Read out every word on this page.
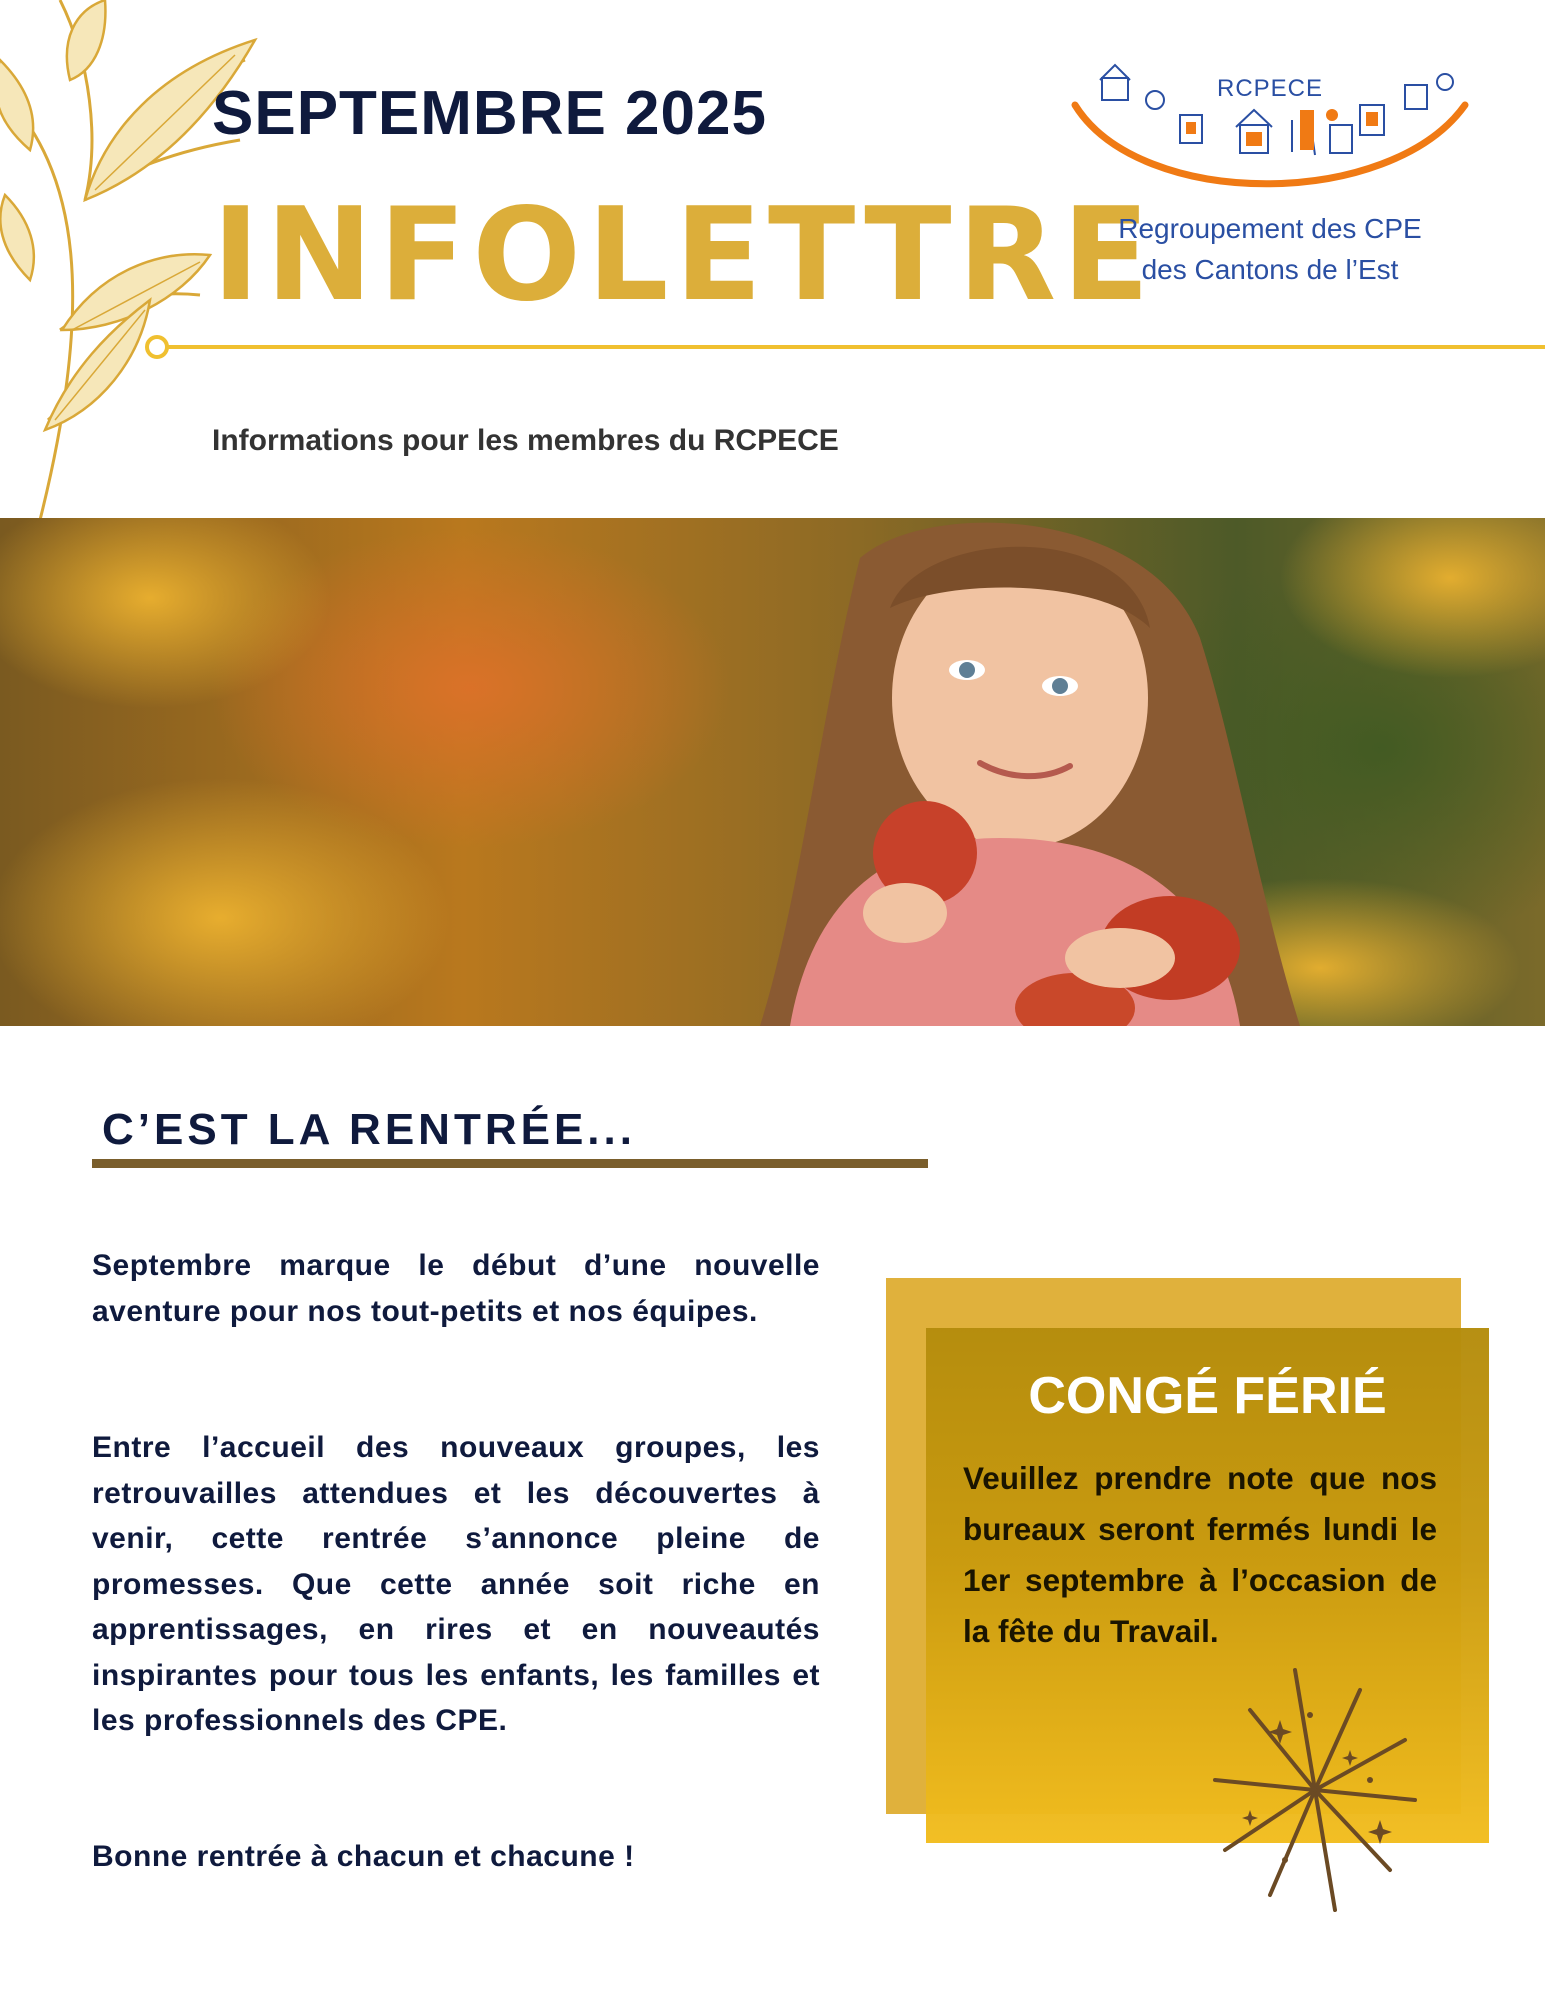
SEPTEMBRE 2025
INFOLETTRE
Informations pour les membres du RCPECE
RCPECE
Regroupement des CPE
des Cantons de l’Est
C’EST LA RENTRÉE...
Septembre marque le début d’une nouvelle aventure pour nos tout-petits et nos équipes.
Entre l’accueil des nouveaux groupes, les retrouvailles attendues et les découvertes à venir, cette rentrée s’annonce pleine de promesses. Que cette année soit riche en apprentissages, en rires et en nouveautés inspirantes pour tous les enfants, les familles et les professionnels des CPE.
Bonne rentrée à chacun et chacune !
CONGÉ FÉRIÉ
Veuillez prendre note que nos bureaux seront fermés lundi le 1er septembre à l’occasion de la fête du Travail.
